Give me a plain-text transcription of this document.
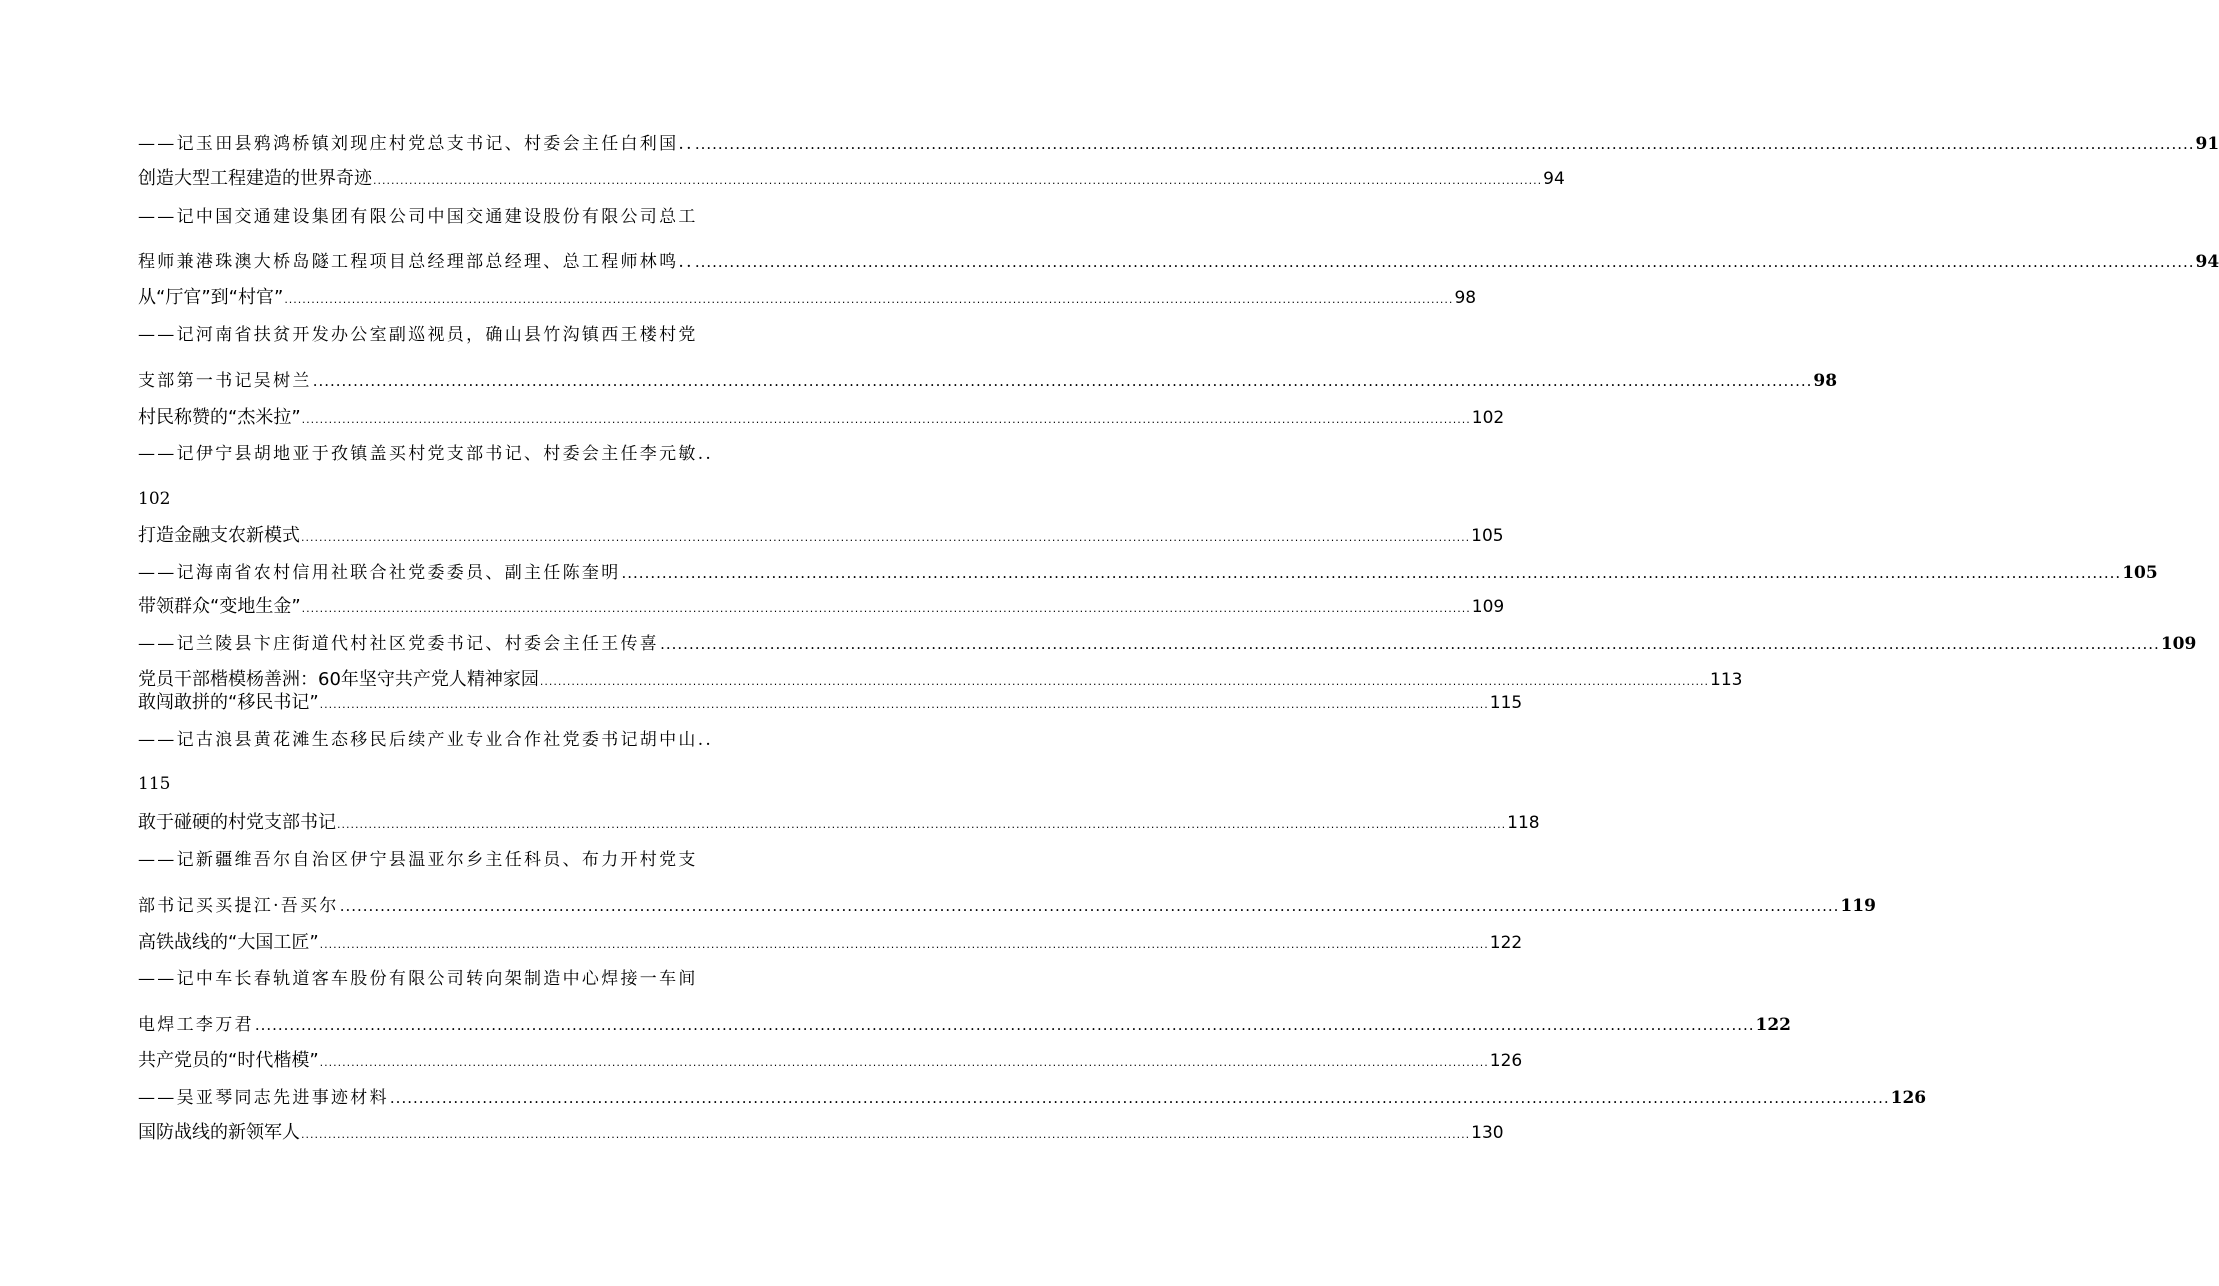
——记玉田县鸦鸿桥镇刘现庄村党总支书记、村委会主任白利国.. .................................................................................................................................................................................................................................................................... 91
创造大型工程建造的世界奇迹 .................................................................................................................................................................................................................................................................... 94
——记中国交通建设集团有限公司中国交通建设股份有限公司总工
程师兼港珠澳大桥岛隧工程项目总经理部总经理、总工程师林鸣.. .................................................................................................................................................................................................................................................................... 94
从“厅官”到“村官” .................................................................................................................................................................................................................................................................... 98
——记河南省扶贫开发办公室副巡视员，确山县竹沟镇西王楼村党
支部第一书记吴树兰 .................................................................................................................................................................................................................................................................... 98
村民称赞的“杰米拉” .................................................................................................................................................................................................................................................................... 102
——记伊宁县胡地亚于孜镇盖买村党支部书记、村委会主任李元敏..
102
打造金融支农新模式 .................................................................................................................................................................................................................................................................... 105
——记海南省农村信用社联合社党委委员、副主任陈奎明 .................................................................................................................................................................................................................................................................... 105
带领群众“变地生金” .................................................................................................................................................................................................................................................................... 109
——记兰陵县卞庄街道代村社区党委书记、村委会主任王传喜 .................................................................................................................................................................................................................................................................... 109
党员干部楷模杨善洲：60年坚守共产党人精神家园 .................................................................................................................................................................................................................................................................... 113
敢闯敢拼的“移民书记” .................................................................................................................................................................................................................................................................... 115
——记古浪县黄花滩生态移民后续产业专业合作社党委书记胡中山..
115
敢于碰硬的村党支部书记 .................................................................................................................................................................................................................................................................... 118
——记新疆维吾尔自治区伊宁县温亚尔乡主任科员、布力开村党支
部书记买买提江·吾买尔 .................................................................................................................................................................................................................................................................... 119
高铁战线的“大国工匠” .................................................................................................................................................................................................................................................................... 122
——记中车长春轨道客车股份有限公司转向架制造中心焊接一车间
电焊工李万君 .................................................................................................................................................................................................................................................................... 122
共产党员的“时代楷模” .................................................................................................................................................................................................................................................................... 126
——吴亚琴同志先进事迹材料 .................................................................................................................................................................................................................................................................... 126
国防战线的新领军人 .................................................................................................................................................................................................................................................................... 130
